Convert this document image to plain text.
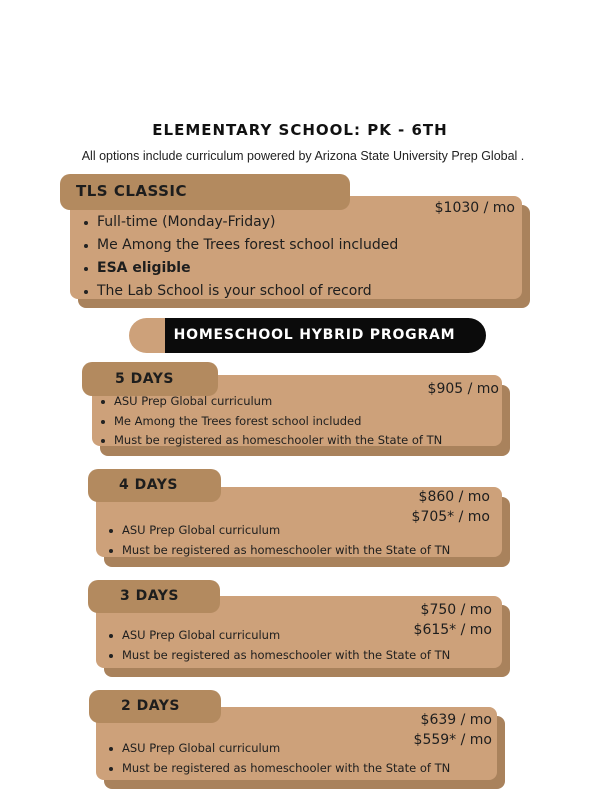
ELEMENTARY SCHOOL: PK - 6TH
All options include curriculum powered by Arizona State University Prep Global .
TLS CLASSIC
$1030 / mo
Full-time (Monday-Friday)
Me Among the Trees forest school included
ESA eligible
The Lab School is your school of record
HOMESCHOOL HYBRID PROGRAM
5 DAYS
$905 / mo
ASU Prep Global curriculum
Me Among the Trees forest school included
Must be registered as homeschooler with the State of TN
4 DAYS
$860 / mo
$705* / mo
ASU Prep Global curriculum
Must be registered as homeschooler with the State of TN
3 DAYS
$750 / mo
$615* / mo
ASU Prep Global curriculum
Must be registered as homeschooler with the State of TN
2 DAYS
$639 / mo
$559* / mo
ASU Prep Global curriculum
Must be registered as homeschooler with the State of TN
